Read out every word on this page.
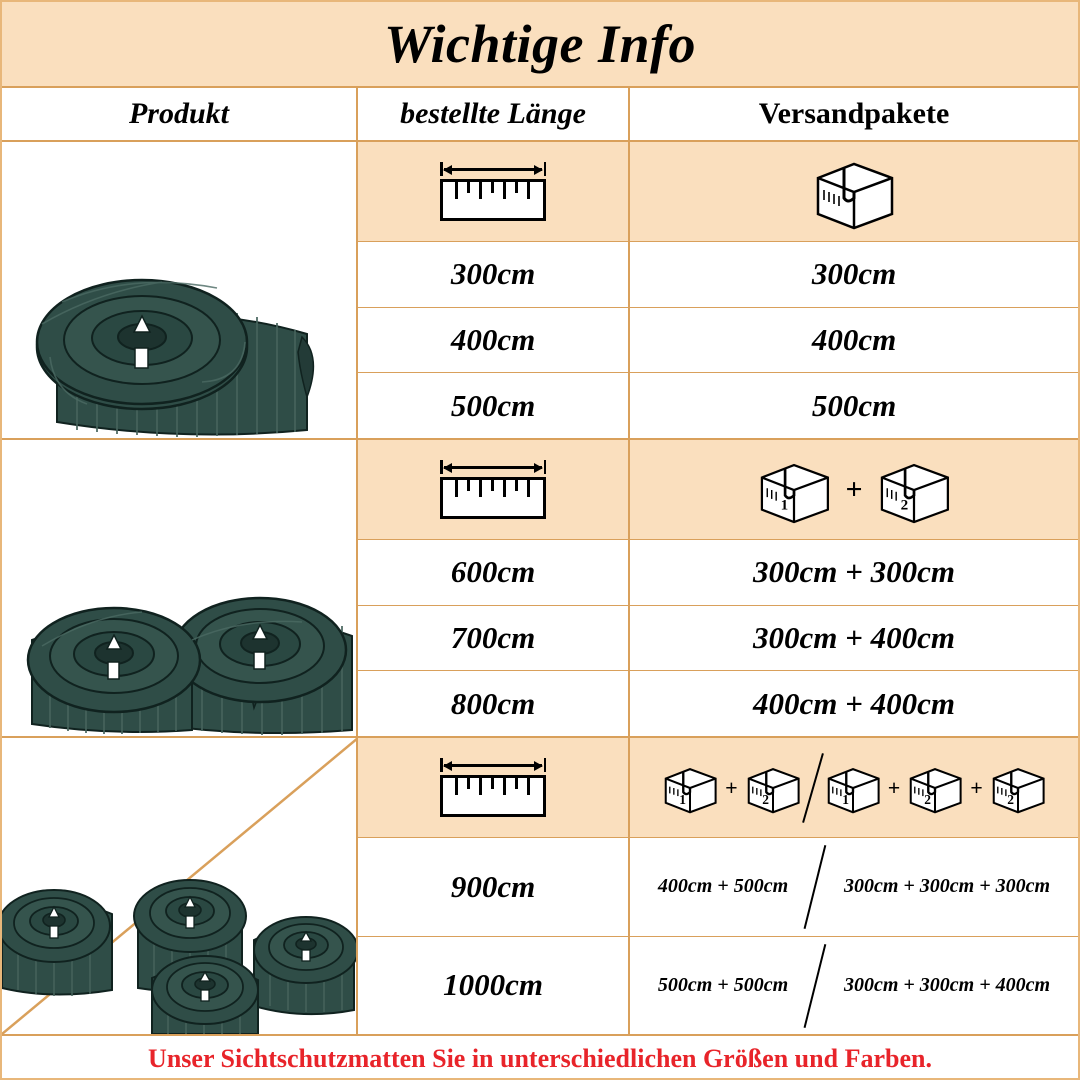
Wichtige Info
Produkt	bestellte Länge	Versandpakete
300cm	300cm
400cm	400cm
500cm	500cm
1 + 2
600cm	300cm + 300cm
700cm	300cm + 400cm
800cm	400cm + 400cm
1 + 2	1 + 2 + 2
900cm	400cm + 500cm	300cm + 300cm + 300cm
1000cm	500cm + 500cm	300cm + 300cm + 400cm
Unser Sichtschutzmatten Sie in unterschiedlichen Größen und Farben.
